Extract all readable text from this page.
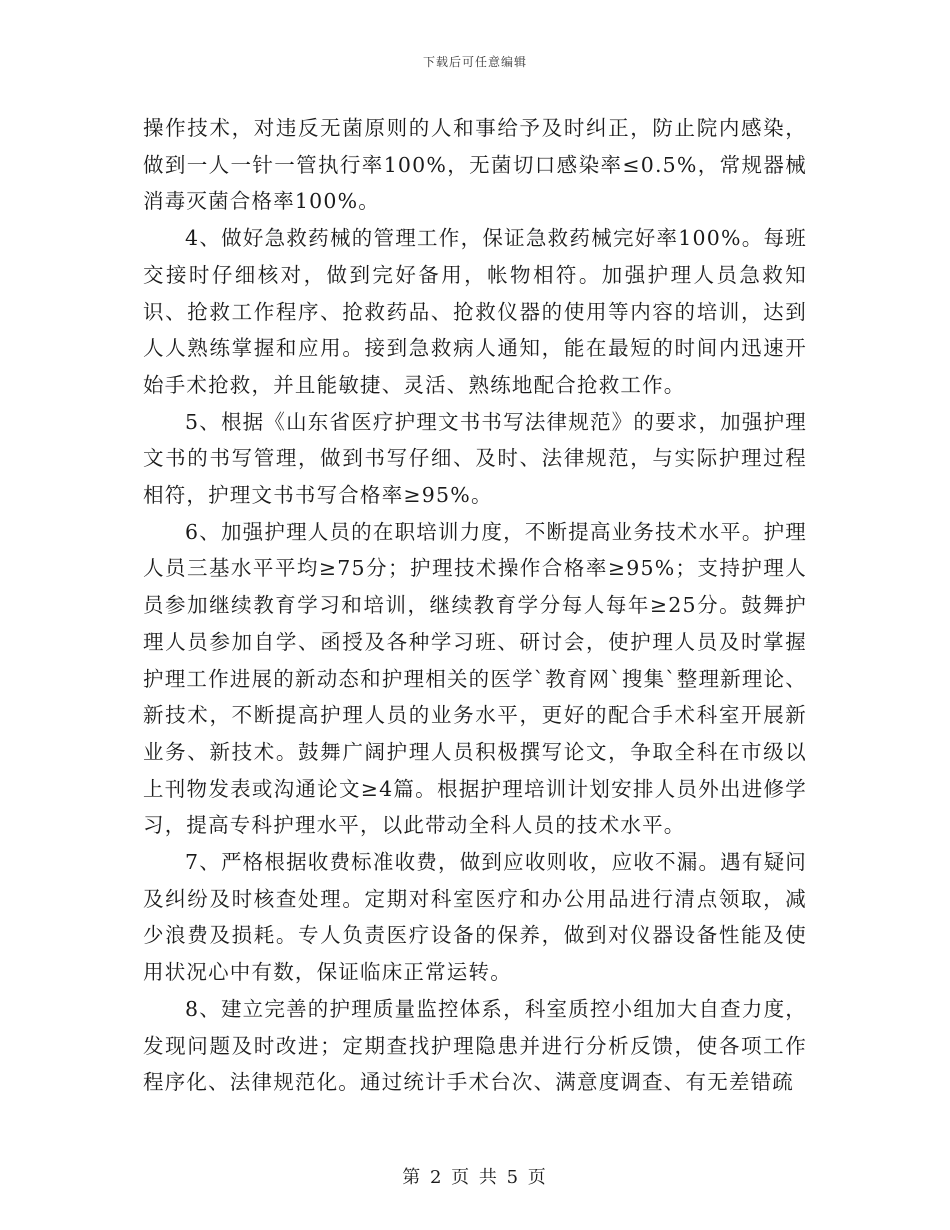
下载后可任意编辑

操作技术，对违反无菌原则的人和事给予及时纠正，防止院内感染，做到一人一针一管执行率100%，无菌切口感染率≤0.5%，常规器械消毒灭菌合格率100%。

4、做好急救药械的管理工作，保证急救药械完好率100%。每班交接时仔细核对，做到完好备用，帐物相符。加强护理人员急救知识、抢救工作程序、抢救药品、抢救仪器的使用等内容的培训，达到人人熟练掌握和应用。接到急救病人通知，能在最短的时间内迅速开始手术抢救，并且能敏捷、灵活、熟练地配合抢救工作。

5、根据《山东省医疗护理文书书写法律规范》的要求，加强护理文书的书写管理，做到书写仔细、及时、法律规范，与实际护理过程相符，护理文书书写合格率≥95%。

6、加强护理人员的在职培训力度，不断提高业务技术水平。护理人员三基水平平均≥75分；护理技术操作合格率≥95%；支持护理人员参加继续教育学习和培训，继续教育学分每人每年≥25分。鼓舞护理人员参加自学、函授及各种学习班、研讨会，使护理人员及时掌握护理工作进展的新动态和护理相关的医学`教育网`搜集`整理新理论、新技术，不断提高护理人员的业务水平，更好的配合手术科室开展新业务、新技术。鼓舞广阔护理人员积极撰写论文，争取全科在市级以上刊物发表或沟通论文≥4篇。根据护理培训计划安排人员外出进修学习，提高专科护理水平，以此带动全科人员的技术水平。

7、严格根据收费标准收费，做到应收则收，应收不漏。遇有疑问及纠纷及时核查处理。定期对科室医疗和办公用品进行清点领取，减少浪费及损耗。专人负责医疗设备的保养，做到对仪器设备性能及使用状况心中有数，保证临床正常运转。

8、建立完善的护理质量监控体系，科室质控小组加大自查力度，发现问题及时改进；定期查找护理隐患并进行分析反馈，使各项工作程序化、法律规范化。通过统计手术台次、满意度调查、有无差错疏

第 2 页 共 5 页
